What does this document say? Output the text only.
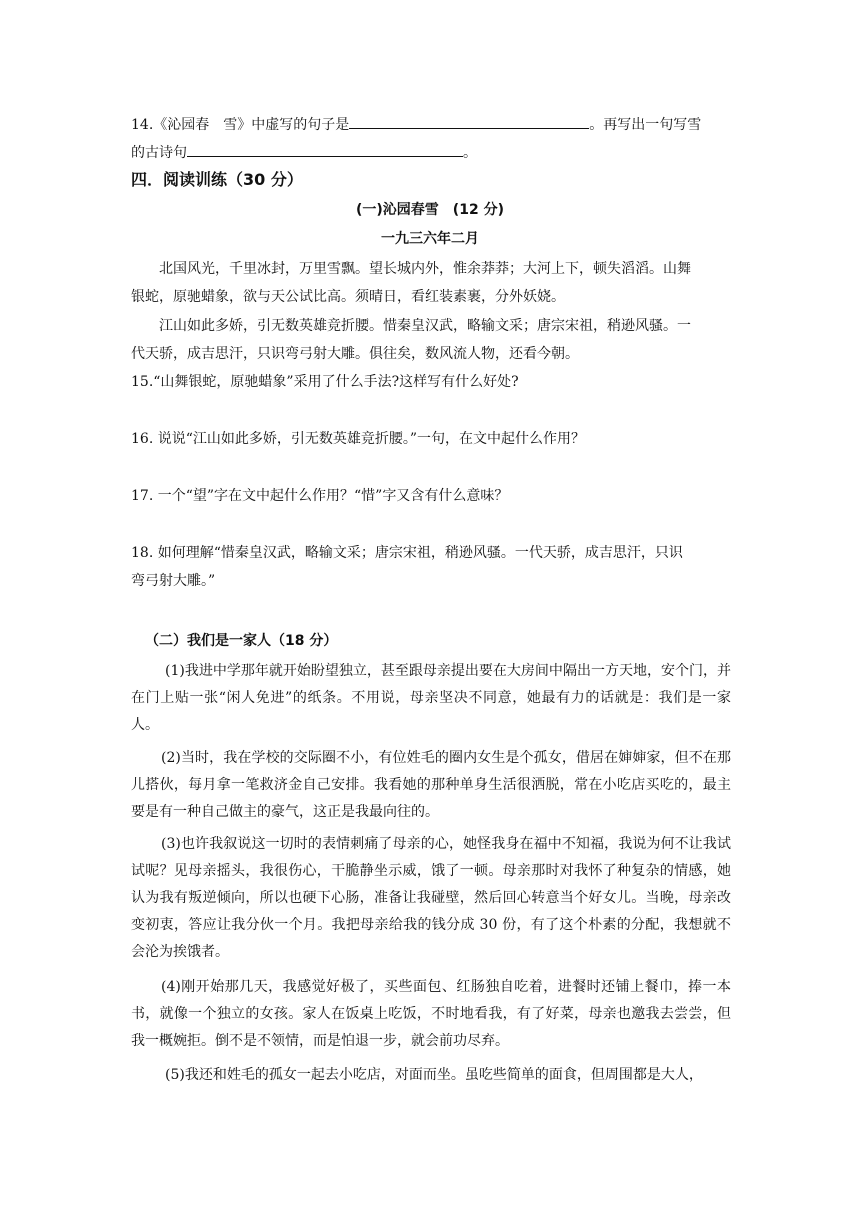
14.《沁园春　雪》中虚写的句子是	。再写出一句写雪
的古诗句	。
四．阅读训练（30 分）
(一)沁园春雪　(12 分)
一九三六年二月
北国风光，千里冰封，万里雪飘。望长城内外，惟余莽莽；大河上下，顿失滔滔。山舞
银蛇，原驰蜡象，欲与天公试比高。须晴日，看红装素裹，分外妖娆。
江山如此多娇，引无数英雄竞折腰。惜秦皇汉武，略输文采；唐宗宋祖，稍逊风骚。一
代天骄，成吉思汗，只识弯弓射大雕。俱往矣，数风流人物，还看今朝。
15.“山舞银蛇，原驰蜡象”采用了什么手法?这样写有什么好处?
16. 说说“江山如此多娇，引无数英雄竞折腰。”一句，在文中起什么作用？
17. 一个“望”字在文中起什么作用？“惜”字又含有什么意味？
18. 如何理解“惜秦皇汉武，略输文采；唐宗宋祖，稍逊风骚。一代天骄，成吉思汗，只识
弯弓射大雕。”
（二）我们是一家人（18 分）
(1)我进中学那年就开始盼望独立，甚至跟母亲提出要在大房间中隔出一方天地，安个门，并在门上贴一张“闲人免进”的纸条。不用说，母亲坚决不同意，她最有力的话就是：我们是一家人。
(2)当时，我在学校的交际圈不小，有位姓毛的圈内女生是个孤女，借居在婶婶家，但不在那儿搭伙，每月拿一笔救济金自己安排。我看她的那种单身生活很洒脱，常在小吃店买吃的，最主要是有一种自己做主的豪气，这正是我最向往的。
(3)也许我叙说这一切时的表情刺痛了母亲的心，她怪我身在福中不知福，我说为何不让我试试呢？见母亲摇头，我很伤心，干脆静坐示威，饿了一顿。母亲那时对我怀了种复杂的情感，她认为我有叛逆倾向，所以也硬下心肠，准备让我碰壁，然后回心转意当个好女儿。当晚，母亲改变初衷，答应让我分伙一个月。我把母亲给我的钱分成 30 份，有了这个朴素的分配，我想就不会沦为挨饿者。
(4)刚开始那几天，我感觉好极了，买些面包、红肠独自吃着，进餐时还铺上餐巾，捧一本书，就像一个独立的女孩。家人在饭桌上吃饭，不时地看我，有了好菜，母亲也邀我去尝尝，但我一概婉拒。倒不是不领情，而是怕退一步，就会前功尽弃。
(5)我还和姓毛的孤女一起去小吃店，对面而坐。虽吃些简单的面食，但周围都是大人，
